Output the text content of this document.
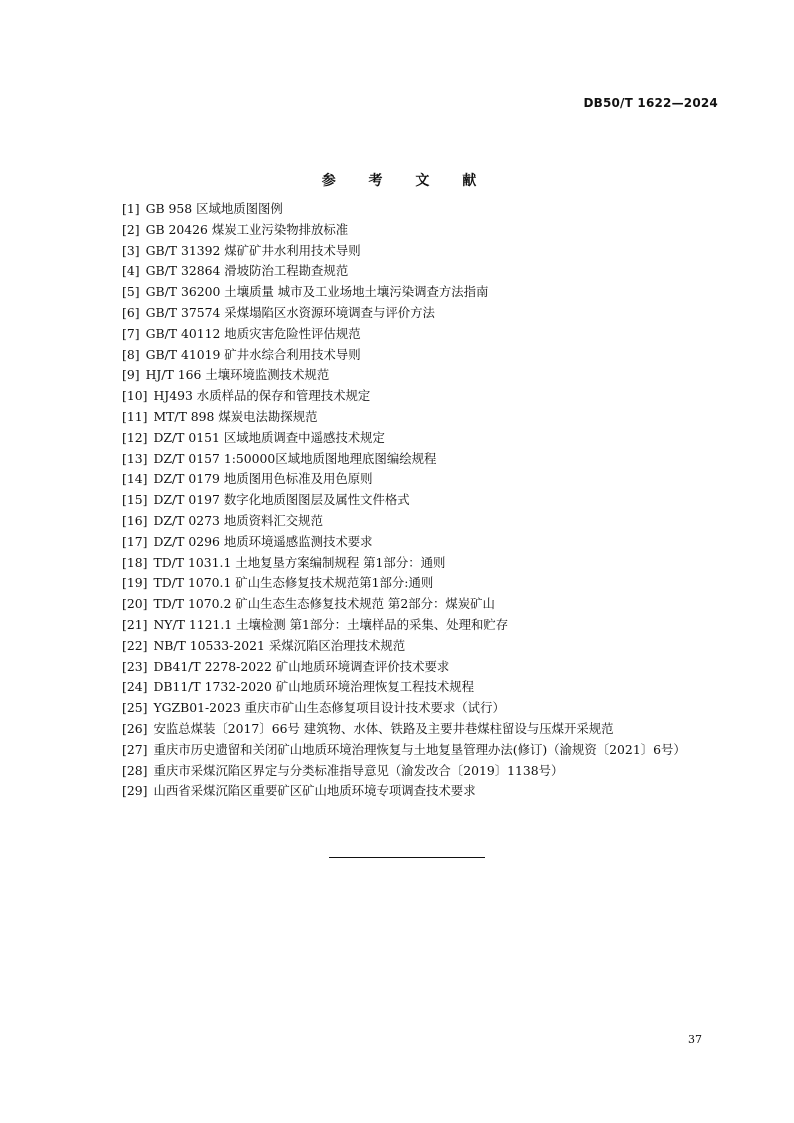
DB50/T 1622—2024
参 考 文 献
[1] GB 958 区域地质图图例
[2] GB 20426 煤炭工业污染物排放标准
[3] GB/T 31392 煤矿矿井水利用技术导则
[4] GB/T 32864 滑坡防治工程勘查规范
[5] GB/T 36200 土壤质量 城市及工业场地土壤污染调查方法指南
[6] GB/T 37574 采煤塌陷区水资源环境调查与评价方法
[7] GB/T 40112 地质灾害危险性评估规范
[8] GB/T 41019 矿井水综合利用技术导则
[9] HJ/T 166 土壤环境监测技术规范
[10] HJ493 水质样品的保存和管理技术规定
[11] MT/T 898 煤炭电法勘探规范
[12] DZ/T 0151 区域地质调查中遥感技术规定
[13] DZ/T 0157 1:50000区域地质图地理底图编绘规程
[14] DZ/T 0179 地质图用色标准及用色原则
[15] DZ/T 0197 数字化地质图图层及属性文件格式
[16] DZ/T 0273 地质资料汇交规范
[17] DZ/T 0296 地质环境遥感监测技术要求
[18] TD/T 1031.1 土地复垦方案编制规程 第1部分：通则
[19] TD/T 1070.1 矿山生态修复技术规范第1部分:通则
[20] TD/T 1070.2 矿山生态生态修复技术规范 第2部分：煤炭矿山
[21] NY/T 1121.1 土壤检测 第1部分：土壤样品的采集、处理和贮存
[22] NB/T 10533-2021 采煤沉陷区治理技术规范
[23] DB41/T 2278-2022 矿山地质环境调查评价技术要求
[24] DB11/T 1732-2020 矿山地质环境治理恢复工程技术规程
[25] YGZB01-2023 重庆市矿山生态修复项目设计技术要求（试行）
[26] 安监总煤装〔2017〕66号 建筑物、水体、铁路及主要井巷煤柱留设与压煤开采规范
[27] 重庆市历史遗留和关闭矿山地质环境治理恢复与土地复垦管理办法(修订)（渝规资〔2021〕6号）
[28] 重庆市采煤沉陷区界定与分类标准指导意见（渝发改合〔2019〕1138号）
[29] 山西省采煤沉陷区重要矿区矿山地质环境专项调查技术要求
37
